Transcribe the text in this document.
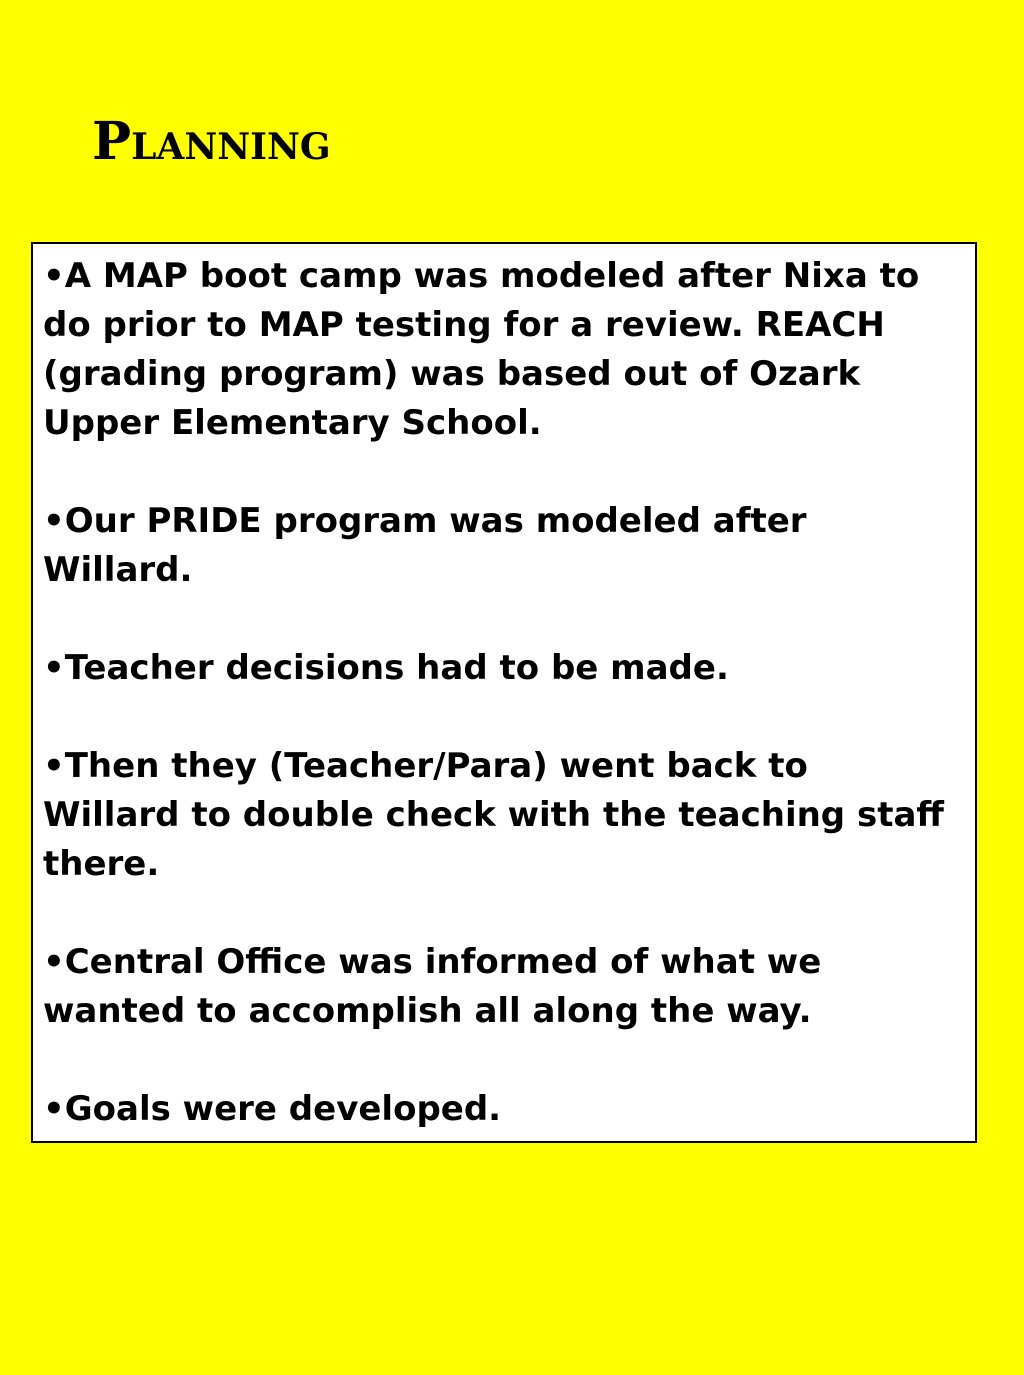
Planning
•A MAP boot camp was modeled after Nixa to do prior to MAP testing for a review. REACH (grading program) was based out of Ozark Upper Elementary School.
•Our PRIDE program was modeled after Willard.
•Teacher decisions had to be made.
•Then they (Teacher/Para) went back to Willard to double check with the teaching staff there.
•Central Office was informed of what we wanted to accomplish all along the way.
•Goals were developed.
